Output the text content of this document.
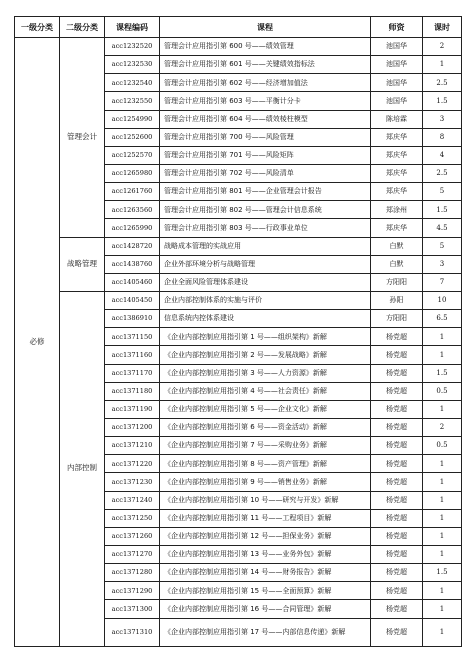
一级分类	二级分类	课程编码	课程	师资	课时
必修	管理会计	acc1232520	管理会计应用指引第 600 号——绩效管理	池国华	2
		acc1232530	管理会计应用指引第 601 号——关键绩效指标法	池国华	1
		acc1232540	管理会计应用指引第 602 号——经济增加值法	池国华	2.5
		acc1232550	管理会计应用指引第 603 号——平衡计分卡	池国华	1.5
		acc1254990	管理会计应用指引第 604 号——绩效棱柱模型	陈培霖	3
		acc1252600	管理会计应用指引第 700 号——风险管理	郑庆华	8
		acc1252570	管理会计应用指引第 701 号——风险矩阵	郑庆华	4
		acc1265980	管理会计应用指引第 702 号——风险清单	郑庆华	2.5
		acc1261760	管理会计应用指引第 801 号——企业管理会计报告	郑庆华	5
		acc1263560	管理会计应用指引第 802 号——管理会计信息系统	郑涂州	1.5
		acc1265990	管理会计应用指引第 803 号——行政事业单位	郑庆华	4.5
	战略管理	acc1428720	战略成本管理的实战应用	白默	5
		acc1438760	企业外部环境分析与战略管理	白默	3
		acc1405460	企业全面风险管理体系建设	方阳阳	7
	内部控制	acc1405450	企业内部控制体系的实施与评价	孙阳	10
		acc1386910	信息系统内控体系建设	方阳阳	6.5
		acc1371150	《企业内部控制应用指引第 1 号——组织架构》新解	杨党超	1
		acc1371160	《企业内部控制应用指引第 2 号——发展战略》新解	杨党超	1
		acc1371170	《企业内部控制应用指引第 3 号——人力资源》新解	杨党超	1.5
		acc1371180	《企业内部控制应用指引第 4 号——社会责任》新解	杨党超	0.5
		acc1371190	《企业内部控制应用指引第 5 号——企业文化》新解	杨党超	1
		acc1371200	《企业内部控制应用指引第 6 号——资金活动》新解	杨党超	2
		acc1371210	《企业内部控制应用指引第 7 号——采购业务》新解	杨党超	0.5
		acc1371220	《企业内部控制应用指引第 8 号——资产管理》新解	杨党超	1
		acc1371230	《企业内部控制应用指引第 9 号——销售业务》新解	杨党超	1
		acc1371240	《企业内部控制应用指引第 10 号——研究与开发》新解	杨党超	1
		acc1371250	《企业内部控制应用指引第 11 号——工程项目》新解	杨党超	1
		acc1371260	《企业内部控制应用指引第 12 号——担保业务》新解	杨党超	1
		acc1371270	《企业内部控制应用指引第 13 号——业务外包》新解	杨党超	1
		acc1371280	《企业内部控制应用指引第 14 号——财务报告》新解	杨党超	1.5
		acc1371290	《企业内部控制应用指引第 15 号——全面预算》新解	杨党超	1
		acc1371300	《企业内部控制应用指引第 16 号——合同管理》新解	杨党超	1
		acc1371310	《企业内部控制应用指引第 17 号——内部信息传递》新解	杨党超	1
